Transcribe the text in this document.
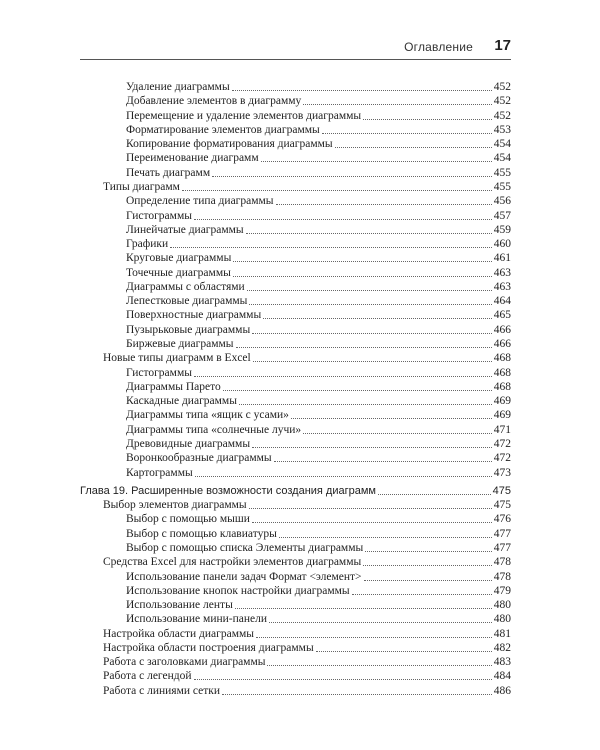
Оглавление 17
Удаление диаграммы	452
Добавление элементов в диаграмму	452
Перемещение и удаление элементов диаграммы	452
Форматирование элементов диаграммы	453
Копирование форматирования диаграммы	454
Переименование диаграмм	454
Печать диаграмм	455
Типы диаграмм	455
Определение типа диаграммы	456
Гистограммы	457
Линейчатые диаграммы	459
Графики	460
Круговые диаграммы	461
Точечные диаграммы	463
Диаграммы с областями	463
Лепестковые диаграммы	464
Поверхностные диаграммы	465
Пузырьковые диаграммы	466
Биржевые диаграммы	466
Новые типы диаграмм в Excel	468
Гистограммы	468
Диаграммы Парето	468
Каскадные диаграммы	469
Диаграммы типа «ящик с усами»	469
Диаграммы типа «солнечные лучи»	471
Древовидные диаграммы	472
Воронкообразные диаграммы	472
Картограммы	473
Глава 19. Расширенные возможности создания диаграмм	475
Выбор элементов диаграммы	475
Выбор с помощью мыши	476
Выбор с помощью клавиатуры	477
Выбор с помощью списка Элементы диаграммы	477
Средства Excel для настройки элементов диаграммы	478
Использование панели задач Формат <элемент>	478
Использование кнопок настройки диаграммы	479
Использование ленты	480
Использование мини-панели	480
Настройка области диаграммы	481
Настройка области построения диаграммы	482
Работа с заголовками диаграммы	483
Работа с легендой	484
Работа с линиями сетки	486
